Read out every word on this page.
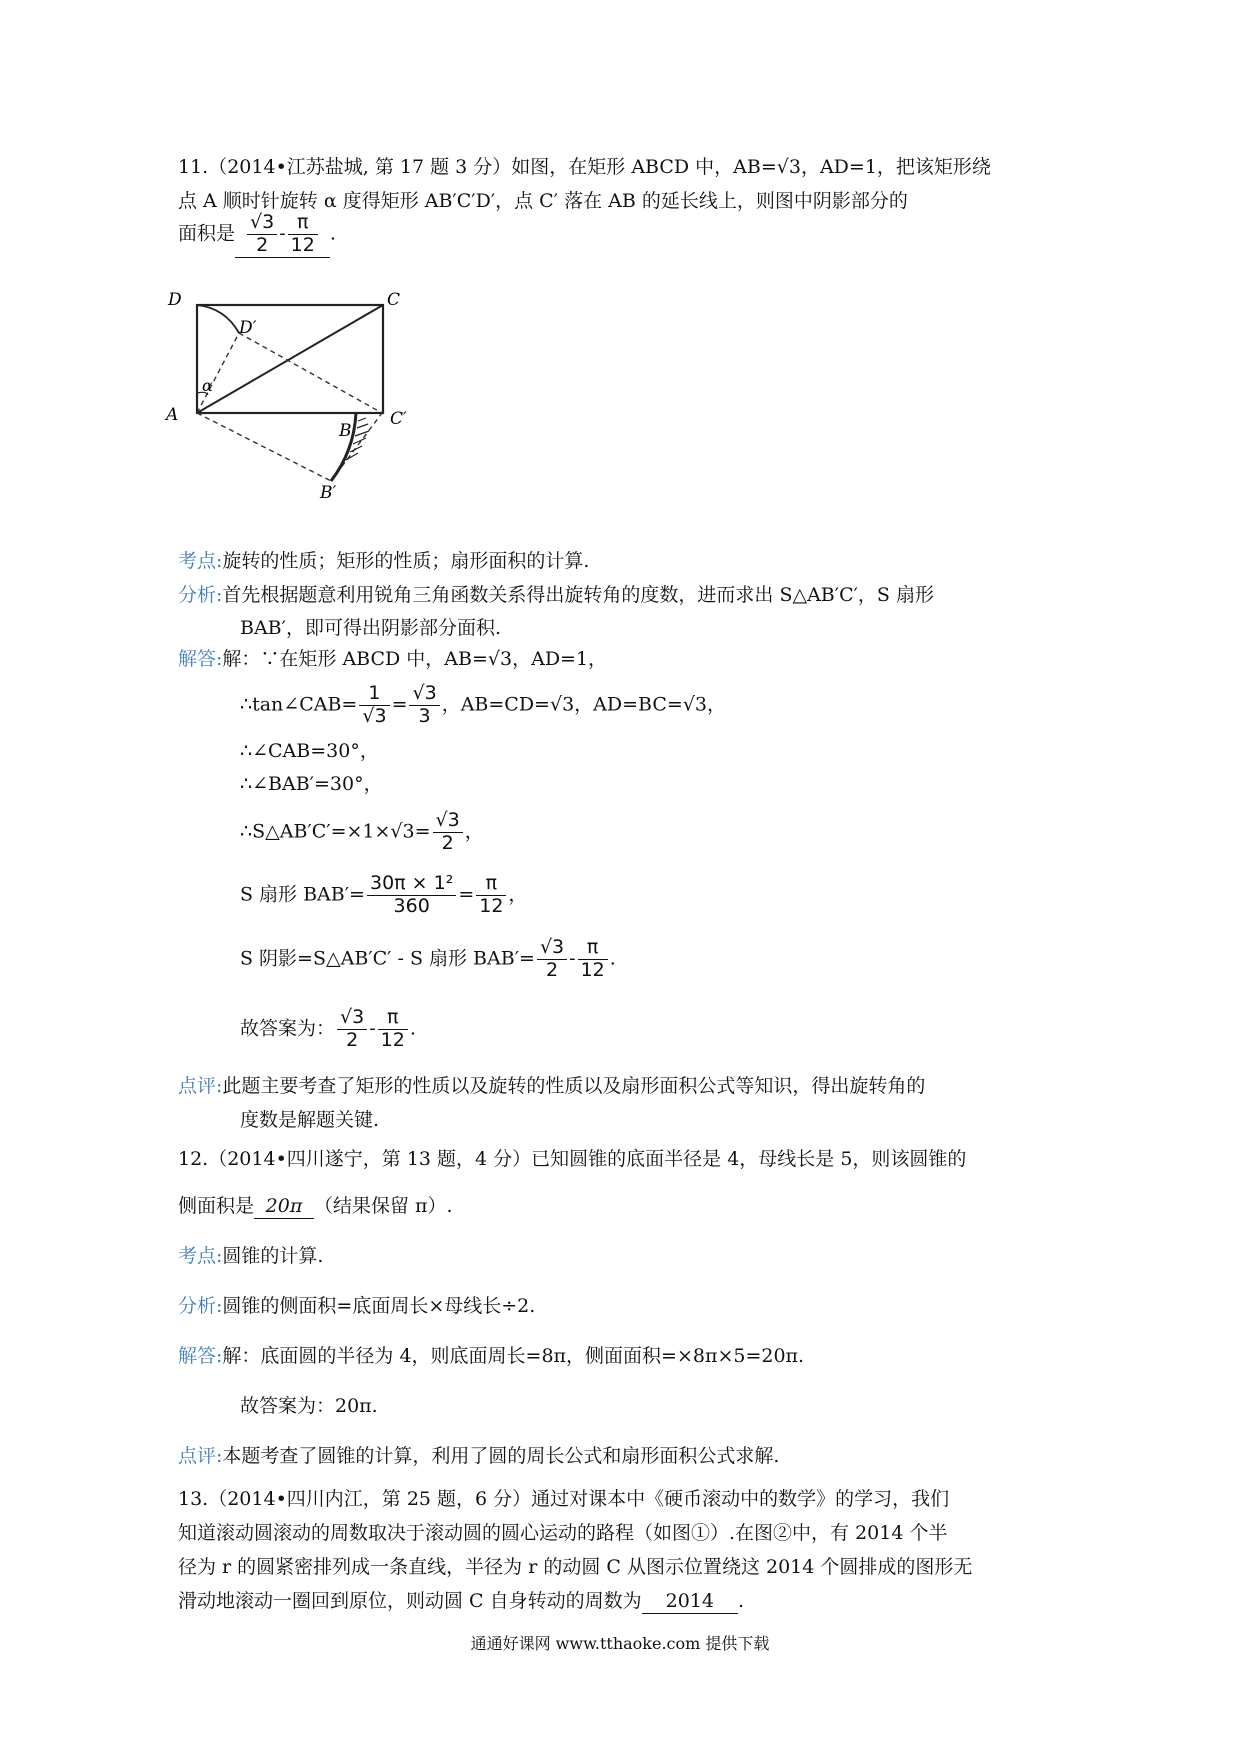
11.（2014•江苏盐城, 第 17 题 3 分）如图，在矩形 ABCD 中，AB=√3，AD=1，把该矩形绕
点 A 顺时针旋转 α 度得矩形 AB′C′D′，点 C′ 落在 AB 的延长线上，则图中阴影部分的
面积是 $\frac{√3}{2} - \frac{\pi}{12}$ .
D	C
D′
α
A
B
C′
B′
考点:旋转的性质；矩形的性质；扇形面积的计算.
分析:首先根据题意利用锐角三角函数关系得出旋转角的度数，进而求出 S△AB′C′，S 扇形
BAB′，即可得出阴影部分面积.
解答:解：∵在矩形 ABCD 中，AB=√3，AD=1，
∴tan∠CAB= $\frac{1}{√3} = \frac{√3}{3}$ ，AB=CD=√3，AD=BC=√3，
∴∠CAB=30°，
∴∠BAB′=30°，
∴S△AB′C′=×1×√3= $\frac{√3}{2}$ ，
S 扇形 $BAB'= \frac{\text{30π × 1²}}{360} = \frac{\pi}{12}$ ，
S 阴影=S△AB′C′ - S 扇形 $BAB'= \frac{√3}{2} - \frac{\pi}{12}$ .
故答案为： $\frac{√3}{2} - \frac{\pi}{12}$ .
点评:此题主要考查了矩形的性质以及旋转的性质以及扇形面积公式等知识，得出旋转角的
度数是解题关键.
12.（2014•四川遂宁，第 13 题，4 分）已知圆锥的底面半径是 4，母线长是 5，则该圆锥的
侧面积是 20π （结果保留 π）.
考点:圆锥的计算.
分析:圆锥的侧面积=底面周长×母线长÷2.
解答:解：底面圆的半径为 4，则底面周长=8π，侧面面积=×8π×5=20π.
故答案为：20π.
点评:本题考查了圆锥的计算，利用了圆的周长公式和扇形面积公式求解.
13.（2014•四川内江，第 25 题，6 分）通过对课本中《硬币滚动中的数学》的学习，我们
知道滚动圆滚动的周数取决于滚动圆的圆心运动的路程（如图①）.在图②中，有 2014 个半
径为 r 的圆紧密排列成一条直线，半径为 r 的动圆 C 从图示位置绕这 2014 个圆排成的图形无
滑动地滚动一圈回到原位，则动圆 C 自身转动的周数为 2014 .
通通好课网 www.tthaoke.com 提供下载
